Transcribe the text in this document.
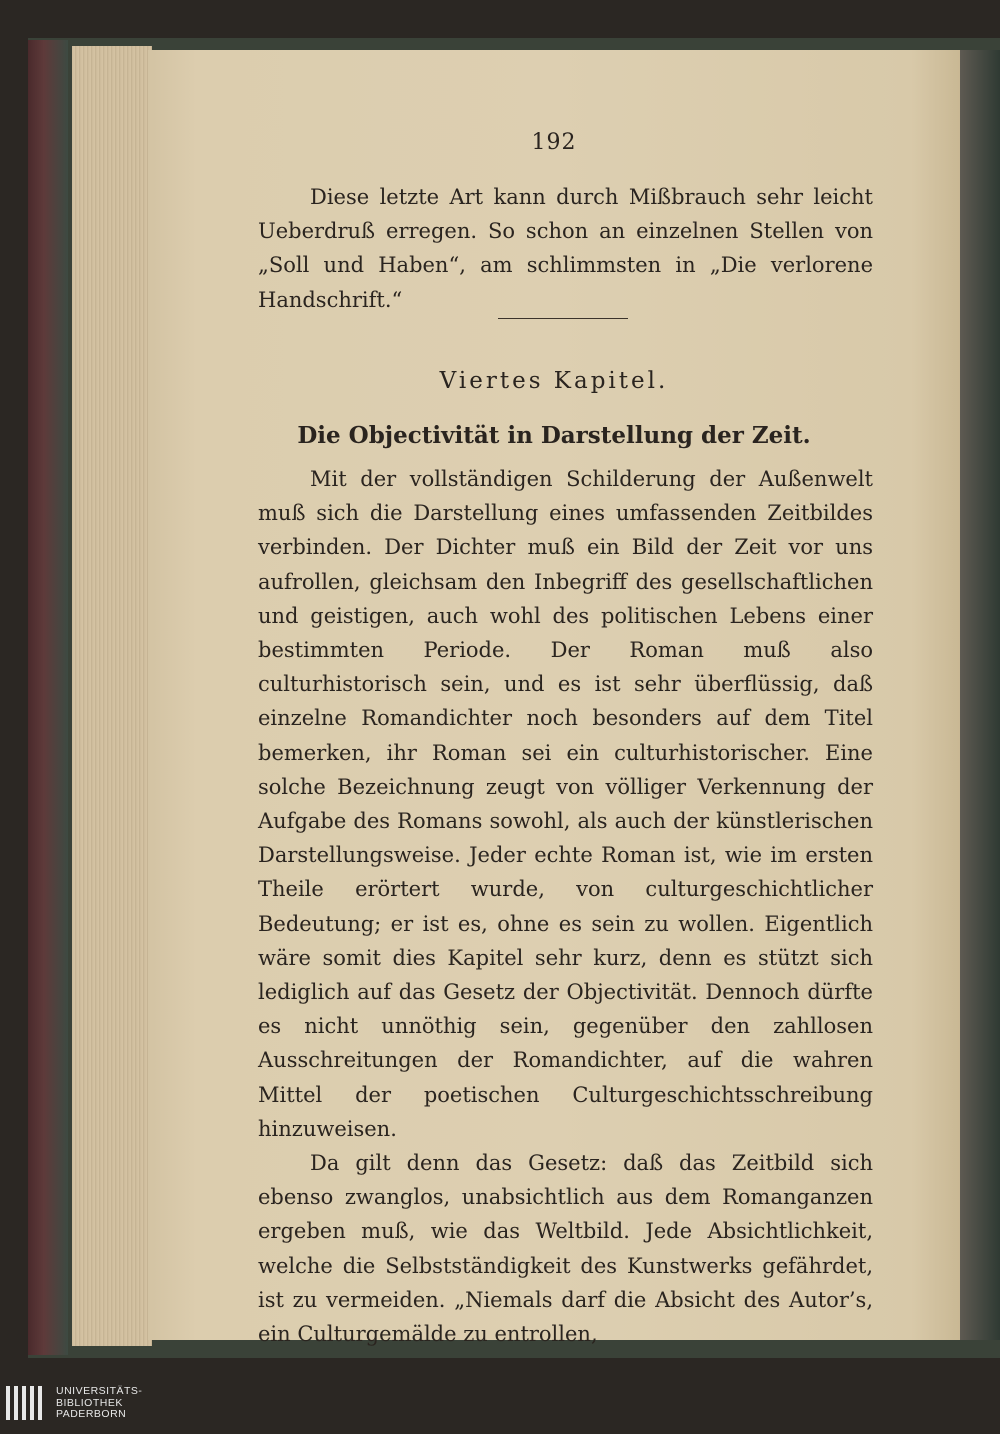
192

Diese letzte Art kann durch Mißbrauch sehr leicht Ueberdruß erregen. So schon an einzelnen Stellen von „Soll und Haben“, am schlimmsten in „Die verlorene Handschrift.“

Viertes Kapitel.
Die Objectivität in Darstellung der Zeit.

Mit der vollständigen Schilderung der Außenwelt muß sich die Darstellung eines umfassenden Zeitbildes verbinden. Der Dichter muß ein Bild der Zeit vor uns aufrollen, gleichsam den Inbegriff des gesellschaftlichen und geistigen, auch wohl des politischen Lebens einer bestimmten Periode. Der Roman muß also culturhistorisch sein, und es ist sehr überflüssig, daß einzelne Romandichter noch besonders auf dem Titel bemerken, ihr Roman sei ein culturhistorischer. Eine solche Bezeichnung zeugt von völliger Verkennung der Aufgabe des Romans sowohl, als auch der künstlerischen Darstellungsweise. Jeder echte Roman ist, wie im ersten Theile erörtert wurde, von culturgeschichtlicher Bedeutung; er ist es, ohne es sein zu wollen. Eigentlich wäre somit dies Kapitel sehr kurz, denn es stützt sich lediglich auf das Gesetz der Objectivität. Dennoch dürfte es nicht unnöthig sein, gegenüber den zahllosen Ausschreitungen der Romandichter, auf die wahren Mittel der poetischen Culturgeschichtsschreibung hinzuweisen.

Da gilt denn das Gesetz: daß das Zeitbild sich ebenso zwanglos, unabsichtlich aus dem Romanganzen ergeben muß, wie das Weltbild. Jede Absichtlichkeit, welche die Selbstständigkeit des Kunstwerks gefährdet, ist zu vermeiden. „Niemals darf die Absicht des Autor’s, ein Culturgemälde zu entrollen,

UNIVERSITÄTS-
BIBLIOTHEK
PADERBORN
